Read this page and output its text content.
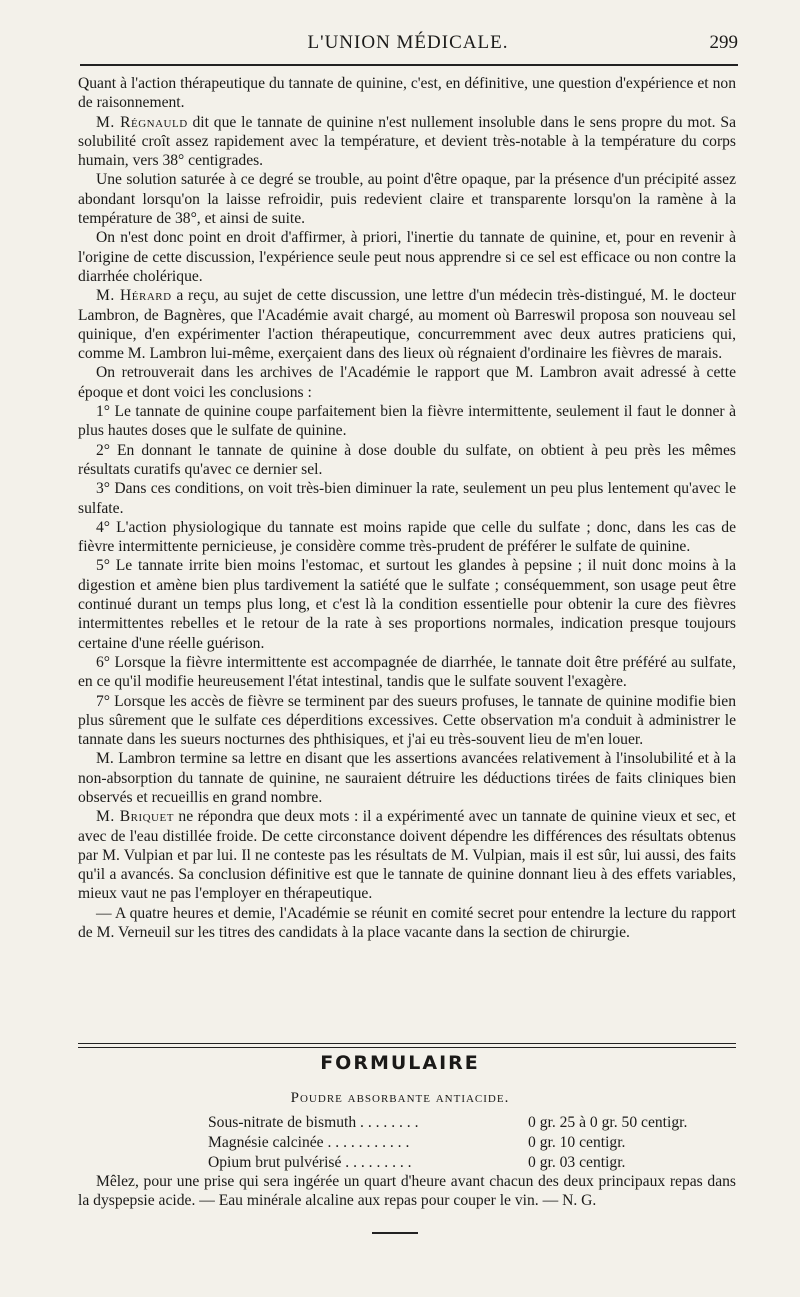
L'UNION MÉDICALE.	299

Quant à l'action thérapeutique du tannate de quinine, c'est, en définitive, une question d'expérience et non de raisonnement.

M. Régnauld dit que le tannate de quinine n'est nullement insoluble dans le sens propre du mot. Sa solubilité croît assez rapidement avec la température, et devient très-notable à la température du corps humain, vers 38° centigrades.

Une solution saturée à ce degré se trouble, au point d'être opaque, par la présence d'un précipité assez abondant lorsqu'on la laisse refroidir, puis redevient claire et transparente lorsqu'on la ramène à la température de 38°, et ainsi de suite.

On n'est donc point en droit d'affirmer, à priori, l'inertie du tannate de quinine, et, pour en revenir à l'origine de cette discussion, l'expérience seule peut nous apprendre si ce sel est efficace ou non contre la diarrhée cholérique.

M. Hérard a reçu, au sujet de cette discussion, une lettre d'un médecin très-distingué, M. le docteur Lambron, de Bagnères, que l'Académie avait chargé, au moment où Barreswil proposa son nouveau sel quinique, d'en expérimenter l'action thérapeutique, concurremment avec deux autres praticiens qui, comme M. Lambron lui-même, exerçaient dans des lieux où régnaient d'ordinaire les fièvres de marais.

On retrouverait dans les archives de l'Académie le rapport que M. Lambron avait adressé à cette époque et dont voici les conclusions :

1° Le tannate de quinine coupe parfaitement bien la fièvre intermittente, seulement il faut le donner à plus hautes doses que le sulfate de quinine.

2° En donnant le tannate de quinine à dose double du sulfate, on obtient à peu près les mêmes résultats curatifs qu'avec ce dernier sel.

3° Dans ces conditions, on voit très-bien diminuer la rate, seulement un peu plus lentement qu'avec le sulfate.

4° L'action physiologique du tannate est moins rapide que celle du sulfate ; donc, dans les cas de fièvre intermittente pernicieuse, je considère comme très-prudent de préférer le sulfate de quinine.

5° Le tannate irrite bien moins l'estomac, et surtout les glandes à pepsine ; il nuit donc moins à la digestion et amène bien plus tardivement la satiété que le sulfate ; conséquemment, son usage peut être continué durant un temps plus long, et c'est là la condition essentielle pour obtenir la cure des fièvres intermittentes rebelles et le retour de la rate à ses proportions normales, indication presque toujours certaine d'une réelle guérison.

6° Lorsque la fièvre intermittente est accompagnée de diarrhée, le tannate doit être préféré au sulfate, en ce qu'il modifie heureusement l'état intestinal, tandis que le sulfate souvent l'exagère.

7° Lorsque les accès de fièvre se terminent par des sueurs profuses, le tannate de quinine modifie bien plus sûrement que le sulfate ces déperditions excessives. Cette observation m'a conduit à administrer le tannate dans les sueurs nocturnes des phthisiques, et j'ai eu très-souvent lieu de m'en louer.

M. Lambron termine sa lettre en disant que les assertions avancées relativement à l'insolubilité et à la non-absorption du tannate de quinine, ne sauraient détruire les déductions tirées de faits cliniques bien observés et recueillis en grand nombre.

M. Briquet ne répondra que deux mots : il a expérimenté avec un tannate de quinine vieux et sec, et avec de l'eau distillée froide. De cette circonstance doivent dépendre les différences des résultats obtenus par M. Vulpian et par lui. Il ne conteste pas les résultats de M. Vulpian, mais il est sûr, lui aussi, des faits qu'il a avancés. Sa conclusion définitive est que le tannate de quinine donnant lieu à des effets variables, mieux vaut ne pas l'employer en thérapeutique.

— A quatre heures et demie, l'Académie se réunit en comité secret pour entendre la lecture du rapport de M. Verneuil sur les titres des candidats à la place vacante dans la section de chirurgie.

FORMULAIRE
Poudre absorbante antiacide.
Sous-nitrate de bismuth . . . . . . . .	0 gr. 25 à 0 gr. 50 centigr.
Magnésie calcinée . . . . . . . . . . .	0 gr. 10 centigr.
Opium brut pulvérisé . . . . . . . . .	0 gr. 03 centigr.
Mêlez, pour une prise qui sera ingérée un quart d'heure avant chacun des deux principaux repas dans la dyspepsie acide. — Eau minérale alcaline aux repas pour couper le vin. — N. G.
